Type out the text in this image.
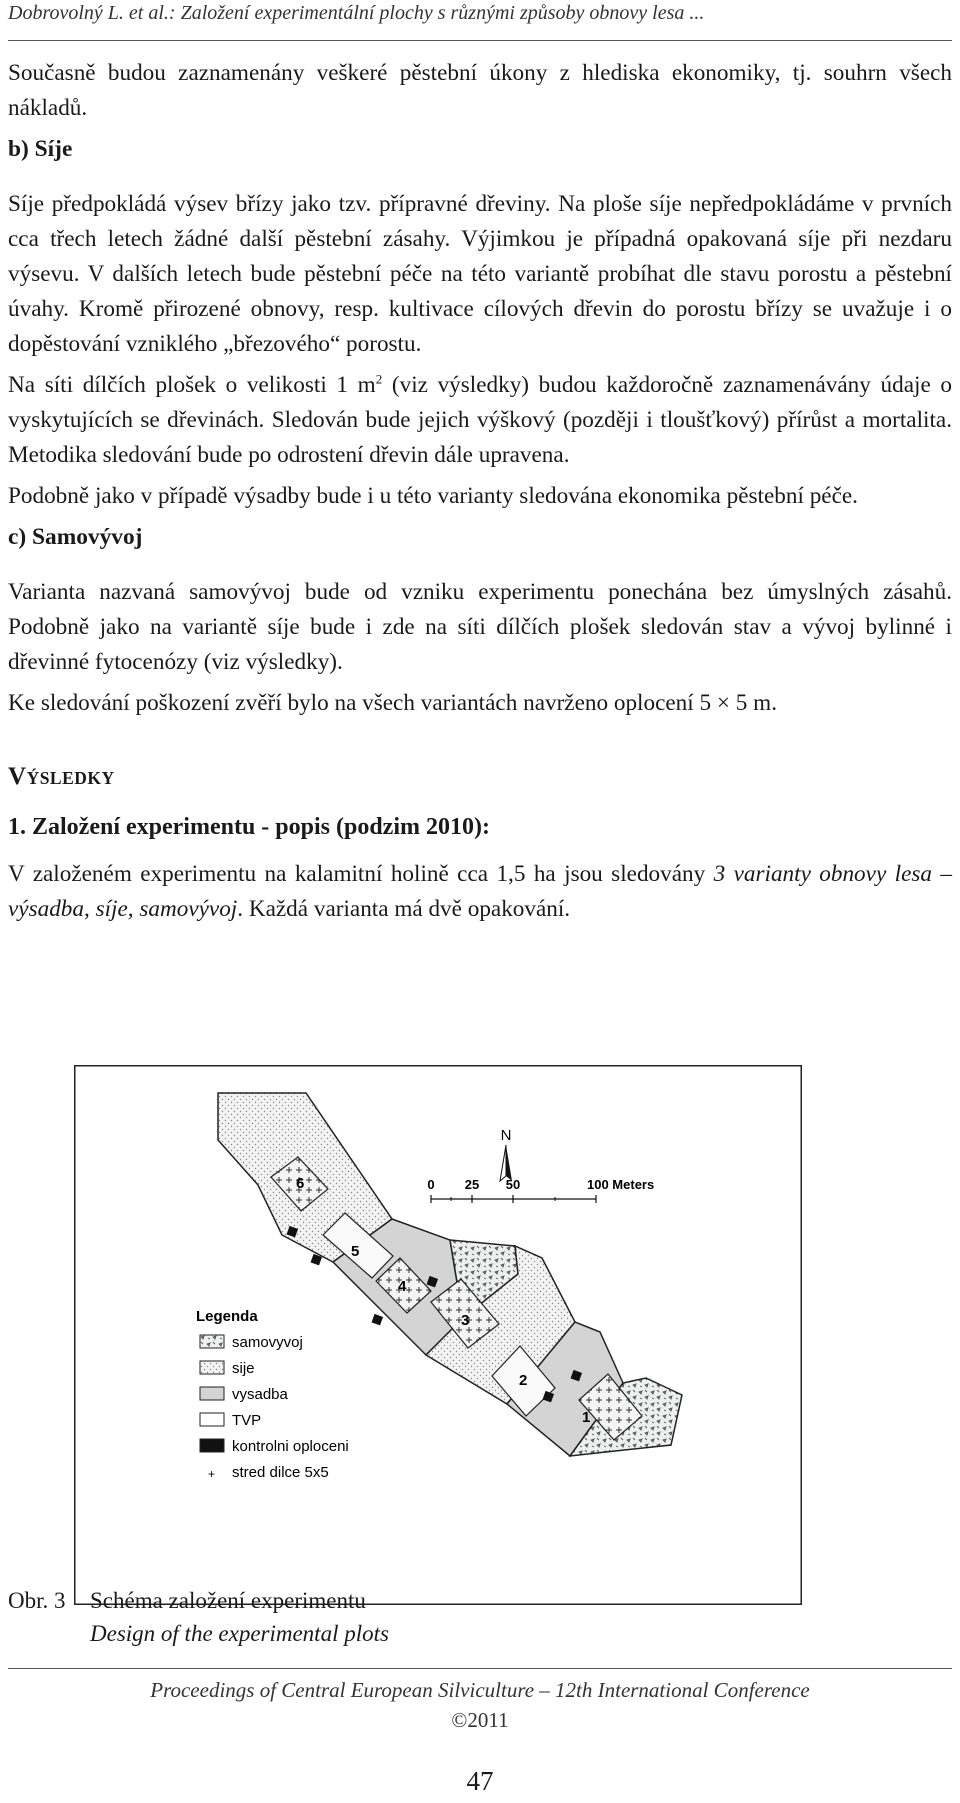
Dobrovolný L. et al.: Založení experimentální plochy s různými způsoby obnovy lesa ...

Současně budou zaznamenány veškeré pěstební úkony z hlediska ekonomiky, tj. souhrn všech nákladů.

b) Síje

Síje předpokládá výsev břízy jako tzv. přípravné dřeviny. Na ploše síje nepředpokládáme v prvních cca třech letech žádné další pěstební zásahy. Výjimkou je případná opakovaná síje při nezdaru výsevu. V dalších letech bude pěstební péče na této variantě probíhat dle stavu porostu a pěstební úvahy. Kromě přirozené obnovy, resp. kultivace cílových dřevin do porostu břízy se uvažuje i o dopěstování vzniklého „březového“ porostu.

Na síti dílčích plošek o velikosti 1 $m^2$ (viz výsledky) budou každoročně zaznamenávány údaje o vyskytujících se dřevinách. Sledován bude jejich výškový (později i tloušťkový) přírůst a mortalita. Metodika sledování bude po odrostení dřevin dále upravena.

Podobně jako v případě výsadby bude i u této varianty sledována ekonomika pěstební péče.

c) Samovývoj

Varianta nazvaná samovývoj bude od vzniku experimentu ponechána bez úmyslných zásahů. Podobně jako na variantě síje bude i zde na síti dílčích plošek sledován stav a vývoj bylinné i dřevinné fytocenózy (viz výsledky).

Ke sledování poškození zvěří bylo na všech variantách navrženo oplocení 5 × 5 m.

VÝSLEDKY
1. Založení experimentu - popis (podzim 2010):

V založeném experimentu na kalamitní holině cca 1,5 ha jsou sledovány 3 varianty obnovy lesa – výsadba, síje, samovývoj. Každá varianta má dvě opakování.

6
5
4
3
2
1
N
0 25 50	100 Meters
Legenda
samovyvoj
sije
vysadba
TVP
kontrolni oploceni
+ stred dilce 5x5
Obr. 3 Schéma založení experimentu
Design of the experimental plots
Proceedings of Central European Silviculture – 12th International Conference
©2011
47
